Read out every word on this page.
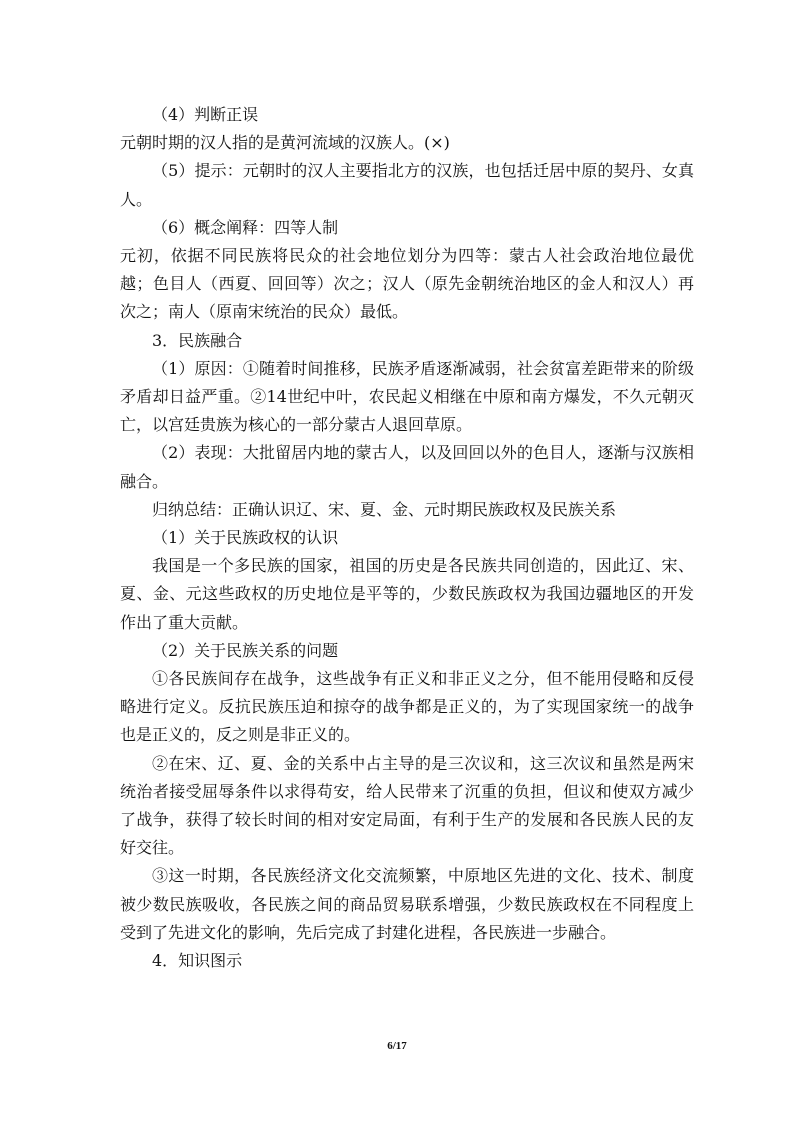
（4）判断正误

元朝时期的汉人指的是黄河流域的汉族人。(×)

（5）提示：元朝时的汉人主要指北方的汉族，也包括迁居中原的契丹、女真人。

（6）概念阐释：四等人制

元初，依据不同民族将民众的社会地位划分为四等：蒙古人社会政治地位最优越；色目人（西夏、回回等）次之；汉人（原先金朝统治地区的金人和汉人）再次之；南人（原南宋统治的民众）最低。

3．民族融合

（1）原因：①随着时间推移，民族矛盾逐渐减弱，社会贫富差距带来的阶级矛盾却日益严重。②14世纪中叶，农民起义相继在中原和南方爆发，不久元朝灭亡，以宫廷贵族为核心的一部分蒙古人退回草原。

（2）表现：大批留居内地的蒙古人，以及回回以外的色目人，逐渐与汉族相融合。

归纳总结：正确认识辽、宋、夏、金、元时期民族政权及民族关系

（1）关于民族政权的认识

我国是一个多民族的国家，祖国的历史是各民族共同创造的，因此辽、宋、夏、金、元这些政权的历史地位是平等的，少数民族政权为我国边疆地区的开发作出了重大贡献。

（2）关于民族关系的问题

①各民族间存在战争，这些战争有正义和非正义之分，但不能用侵略和反侵略进行定义。反抗民族压迫和掠夺的战争都是正义的，为了实现国家统一的战争也是正义的，反之则是非正义的。

②在宋、辽、夏、金的关系中占主导的是三次议和，这三次议和虽然是两宋统治者接受屈辱条件以求得苟安，给人民带来了沉重的负担，但议和使双方减少了战争，获得了较长时间的相对安定局面，有利于生产的发展和各民族人民的友好交往。

③这一时期，各民族经济文化交流频繁，中原地区先进的文化、技术、制度被少数民族吸收，各民族之间的商品贸易联系增强，少数民族政权在不同程度上受到了先进文化的影响，先后完成了封建化进程，各民族进一步融合。

4．知识图示

6/17
